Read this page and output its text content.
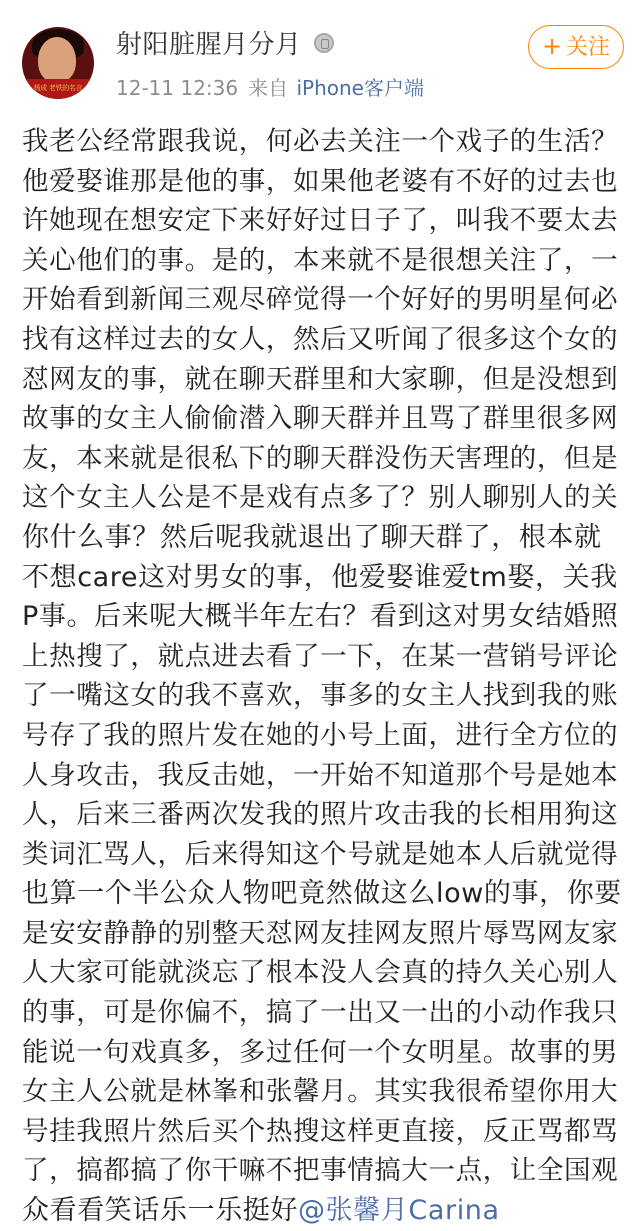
杨成 老铁的名言
射阳脏腥月分月
12-11 12:36 来自 iPhone客户端
+ 关注
我老公经常跟我说，何必去关注一个戏子的生活？
他爱娶谁那是他的事，如果他老婆有不好的过去也
许她现在想安定下来好好过日子了，叫我不要太去
关心他们的事。是的，本来就不是很想关注了，一
开始看到新闻三观尽碎觉得一个好好的男明星何必
找有这样过去的女人，然后又听闻了很多这个女的
怼网友的事，就在聊天群里和大家聊，但是没想到
故事的女主人偷偷潜入聊天群并且骂了群里很多网
友，本来就是很私下的聊天群没伤天害理的，但是
这个女主人公是不是戏有点多了？别人聊别人的关
你什么事？然后呢我就退出了聊天群了，根本就
不想care这对男女的事，他爱娶谁爱tm娶，关我
P事。后来呢大概半年左右？看到这对男女结婚照
上热搜了，就点进去看了一下，在某一营销号评论
了一嘴这女的我不喜欢，事多的女主人找到我的账
号存了我的照片发在她的小号上面，进行全方位的
人身攻击，我反击她，一开始不知道那个号是她本
人，后来三番两次发我的照片攻击我的长相用狗这
类词汇骂人，后来得知这个号就是她本人后就觉得
也算一个半公众人物吧竟然做这么low的事，你要
是安安静静的别整天怼网友挂网友照片辱骂网友家
人大家可能就淡忘了根本没人会真的持久关心别人
的事，可是你偏不，搞了一出又一出的小动作我只
能说一句戏真多，多过任何一个女明星。故事的男
女主人公就是林峯和张馨月。其实我很希望你用大
号挂我照片然后买个热搜这样更直接，反正骂都骂
了，搞都搞了你干嘛不把事情搞大一点，让全国观
众看看笑话乐一乐挺好@张馨月Carina
